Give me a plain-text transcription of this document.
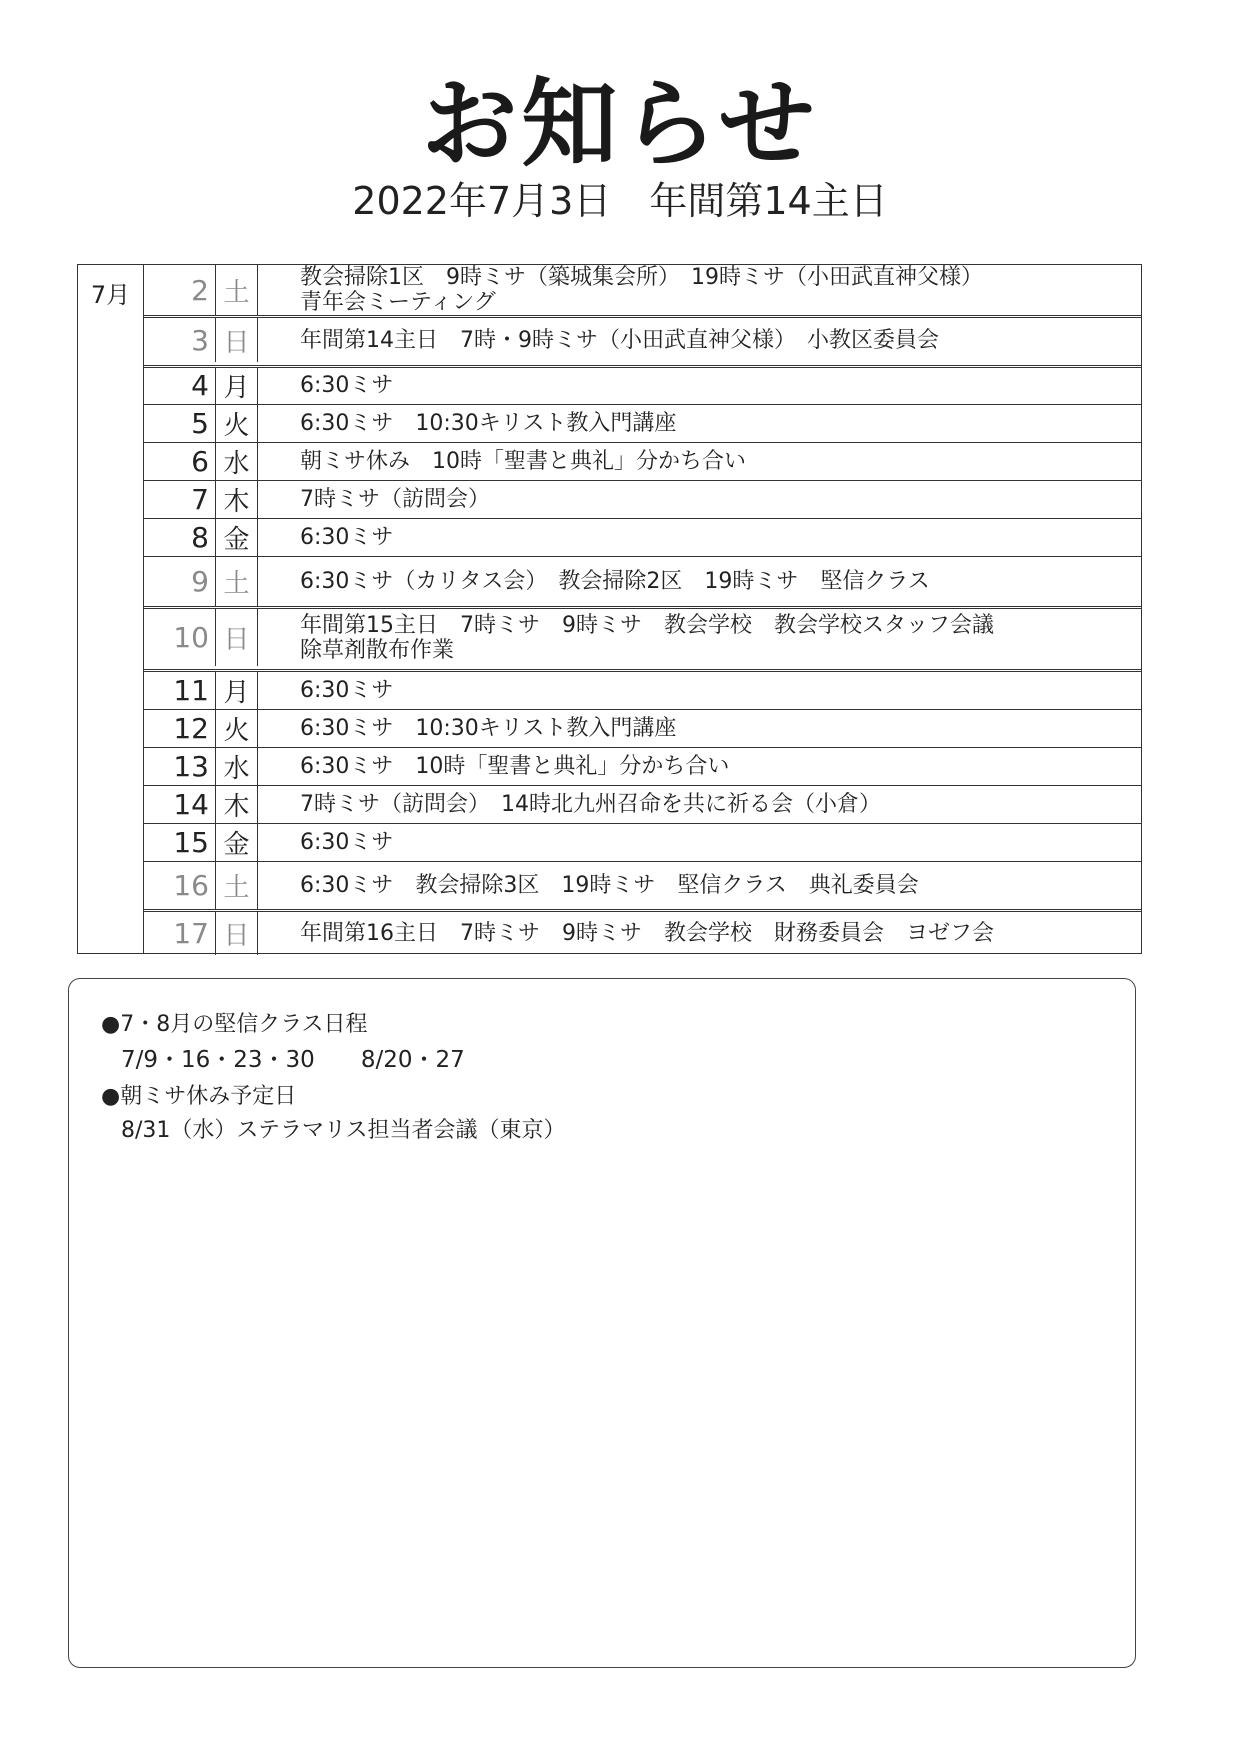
お知らせ
2022年7月3日　年間第14主日
7月	2 土	教会掃除1区　9時ミサ（築城集会所）　19時ミサ（小田武直神父様）
青年会ミーティング
3 日	年間第14主日　7時・9時ミサ（小田武直神父様）　小教区委員会
4 月	6:30ミサ
5 火	6:30ミサ　10:30キリスト教入門講座
6 水	朝ミサ休み　10時「聖書と典礼」分かち合い
7 木	7時ミサ（訪問会）
8 金	6:30ミサ
9 土	6:30ミサ（カリタス会）　教会掃除2区　19時ミサ　堅信クラス
10 日	年間第15主日　7時ミサ　9時ミサ　教会学校　教会学校スタッフ会議
除草剤散布作業
11 月	6:30ミサ
12 火	6:30ミサ　10:30キリスト教入門講座
13 水	6:30ミサ　10時「聖書と典礼」分かち合い
14 木	7時ミサ（訪問会）　14時北九州召命を共に祈る会（小倉）
15 金	6:30ミサ
16 土	6:30ミサ　教会掃除3区　19時ミサ　堅信クラス　典礼委員会
17 日	年間第16主日　7時ミサ　9時ミサ　教会学校　財務委員会　ヨゼフ会
●7・8月の堅信クラス日程
7/9・16・23・30　　8/20・27
●朝ミサ休み予定日
8/31（水）ステラマリス担当者会議（東京）
